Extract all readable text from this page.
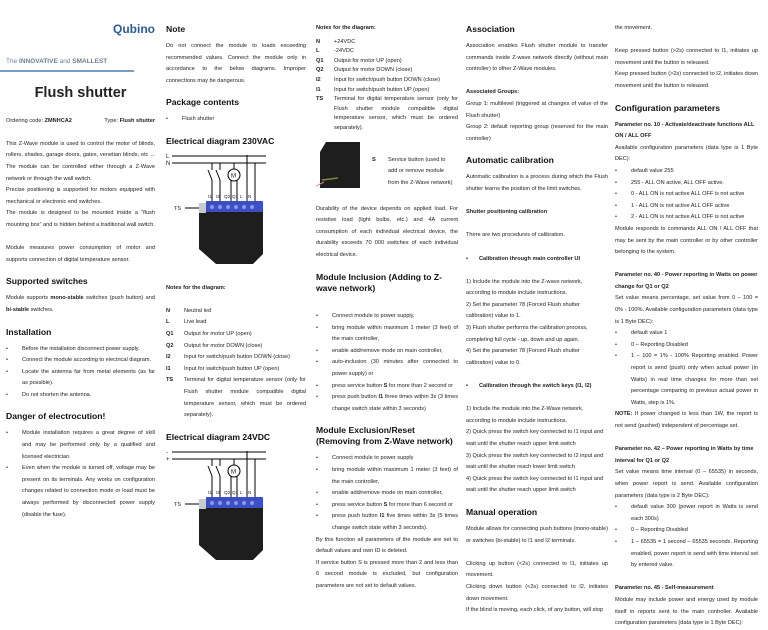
Qubino
The INNOVATIVE and SMALLEST
Flush shutter
Ordering code: ZMNHCA2	Type: Flush shutter

This Z-Wave module is used to control the motor of blinds, rollers, shades, garage doors, gates, venetian blinds, etc ... The module can be controlled either through a Z-Wave network or through the wall switch.

Precise positioning is supported for motors equipped with mechanical or electronic end switches.

The module is designed to be mounted inside a “flush mounting box” and is hidden behind a traditional wall switch.

Module measures power consumption of motor and supports connection of digital temperature sensor.

Supported switches

Module supports mono-stable switches (push button) and bi-stable switches.

Installation
• Before the installation disconnect power supply.
• Connect the module according to electrical diagram.
• Locate the antenna far from metal elements (as far as possible).
• Do not shorten the antenna.
Danger of electrocution!
• Module installation requires a great degree of skill and may be performed only by a qualified and licensed electrician.
• Even when the module is turned off, voltage may be present on its terminals. Any works on configuration changes related to connection mode or load must be always performed by disconnected power supply (disable the fuse).
Note

Do not connect the module to loads exceeding recommended values. Connect the module only in accordance to the below diagrams. Improper connections may be dangerous.

Package contents
• Flush shutter
Electrical diagram 230VAC
L
N
M
I1 I2 Q2 Q1 L N
TS
Notes for the diagram:
N	Neutral led
L	Live lead
Q1	Output for motor UP (open)
Q2	Output for motor DOWN (close)
I2	Input for switch/push button DOWN (close)
I1	Input for switch/push button UP (open)
TS	Terminal for digital temperature sensor (only for Flush shutter module compatible digital temperature sensor, which must be ordered separately).
Electrical diagram 24VDC
-
+
M
I1 I2 Q2 Q1 L N
TS
Notes for the diagram:
N	+24VDC
L	-24VDC
Q1	Output for motor UP (open)
Q2	Output for motor DOWN (close)
I2	Input for switch/push button DOWN (close)
I1	Input for switch/push button UP (open)
TS	Terminal for digital temperature sensor (only for Flush shutter module compatible digital temperature sensor, which must be ordered separately).
S	Service button (used to add or remove module from the Z-Wave network)

Durability of the device depends on applied load. For resistive load (light bulbs, etc.) and 4A current consumption of each individual electrical device, the durability exceeds 70 000 switches of each individual electrical device.

Module Inclusion (Adding to Z-wave network)
• Connect module to power supply,
• bring module within maximum 1 meter (3 feet) of the main controller,
• enable add/remove mode on main controller,
• auto-inclusion (30 minutes after connected to power supply) or
• press service button S for more than 2 second or
• press push button I1 three times within 3s (3 times change switch state within 3 seconds)
Module Exclusion/Reset (Removing from Z-Wave network)
• Connect module to power supply
• bring module within maximum 1 meter (3 feet) of the main controller,
• enable add/remove mode on main controller,
• press service button S for more than 6 second or
• press push button I1 five times within 3s (5 times change switch state within 3 seconds).

By this function all parameters of the module are set to default values and own ID is deleted.

If service button S is pressed more than 2 and less than 6 second module is excluded, but configuration parameters are not set to default values.

Association

Association enables Flush shutter module to transfer commands inside Z-wave network directly (without main controller) to other Z-Wave modules.

Associated Groups:

Group 1: multilevel (triggered at changes of value of the Flush shutter)

Group 2: default reporting group (reserved for the main controller)

Automatic calibration

Automatic calibration is a process during which the Flush shutter learns the position of the limit switches.

Shutter positioning calibration

There are two procedures of calibration.

• Calibration through main controller UI

1) Include the module into the Z-wave network, according to module include instructions.

2) Set the parameter 78 (Forced Flush shutter calibration) value to 1.

3) Flush shutter performs the calibration process, completing full cycle - up, down and up again.

4) Set the parameter 78 (Forced Flush shutter calibration) value to 0.

• Calibration through the switch keys (I1, I2)

1) Include the module into the Z-Wave network, according to module include instructions.

2) Quick press the switch key connected to I1 input and wait until the shutter reach upper limit switch

3) Quick press the switch key connected to I2 input and wait until the shutter reach lower limit switch

4) Quick press the switch key connected to I1 input and wait until the shutter reach upper limit switch

Manual operation

Module allows for connecting push buttons (mono-stable) or switches (bi-stable) to I1 and I2 terminals.

Clicking up button (<2s) connected to I1, initiates up movement.

Clicking down button (<2s) connected to I2, initiates down movement.

If the blind is moving, each click, of any button, will stop

the movement.

Keep pressed button (>2s) connected to I1, initiates up movement until the button is released.

Keep pressed button (>2s) connected to I2, initiates down movement until the button is released.

Configuration parameters
Parameter no. 10 - Activate/deactivate functions ALL ON / ALL OFF

Available configuration parameters (data type is 1 Byte DEC):

• default value 255
• 255 - ALL ON active, ALL OFF active.
• 0 - ALL ON is not active ALL OFF is not active
• 1 - ALL ON is not active ALL OFF active
• 2 - ALL ON is not active ALL OFF is not active

Module responds to commands ALL ON / ALL OFF that may be sent by the main controller or by other controller belonging to the system.

Parameter no. 40 - Power reporting in Watts on power change for Q1 or Q2

Set value means percentage, set value from 0 – 100 = 0% - 100%. Available configuration parameters (data type is 1 Byte DEC):

• default value 1
• 0 – Reporting Disabled
• 1 – 100 = 1% - 100% Reporting enabled. Power report is send (push) only when actual power (in Watts) in real time changes for more than set percentage comparing to previous actual power in Watts, step is 1%.

NOTE: If power changed is less than 1W, the report is not send (pushed) independent of percentage set.

Parameter no. 42 – Power reporting in Watts by time interval for Q1 or Q2

Set value means time interval (0 – 65535) in seconds, when power report is send. Available configuration parameters (data type is 2 Byte DEC):

• default value 300 (power report in Watts is send each 300s)
• 0 – Reporting Disabled
• 1 – 65535 = 1 second – 65535 seconds. Reporting enabled, power report is send with time interval set by entered value.
Parameter no. 45 - Self-measurement

Module may include power and energy used by module itself in reports sent to the main controller. Available configuration parameters (data type is 1 Byte DEC):
